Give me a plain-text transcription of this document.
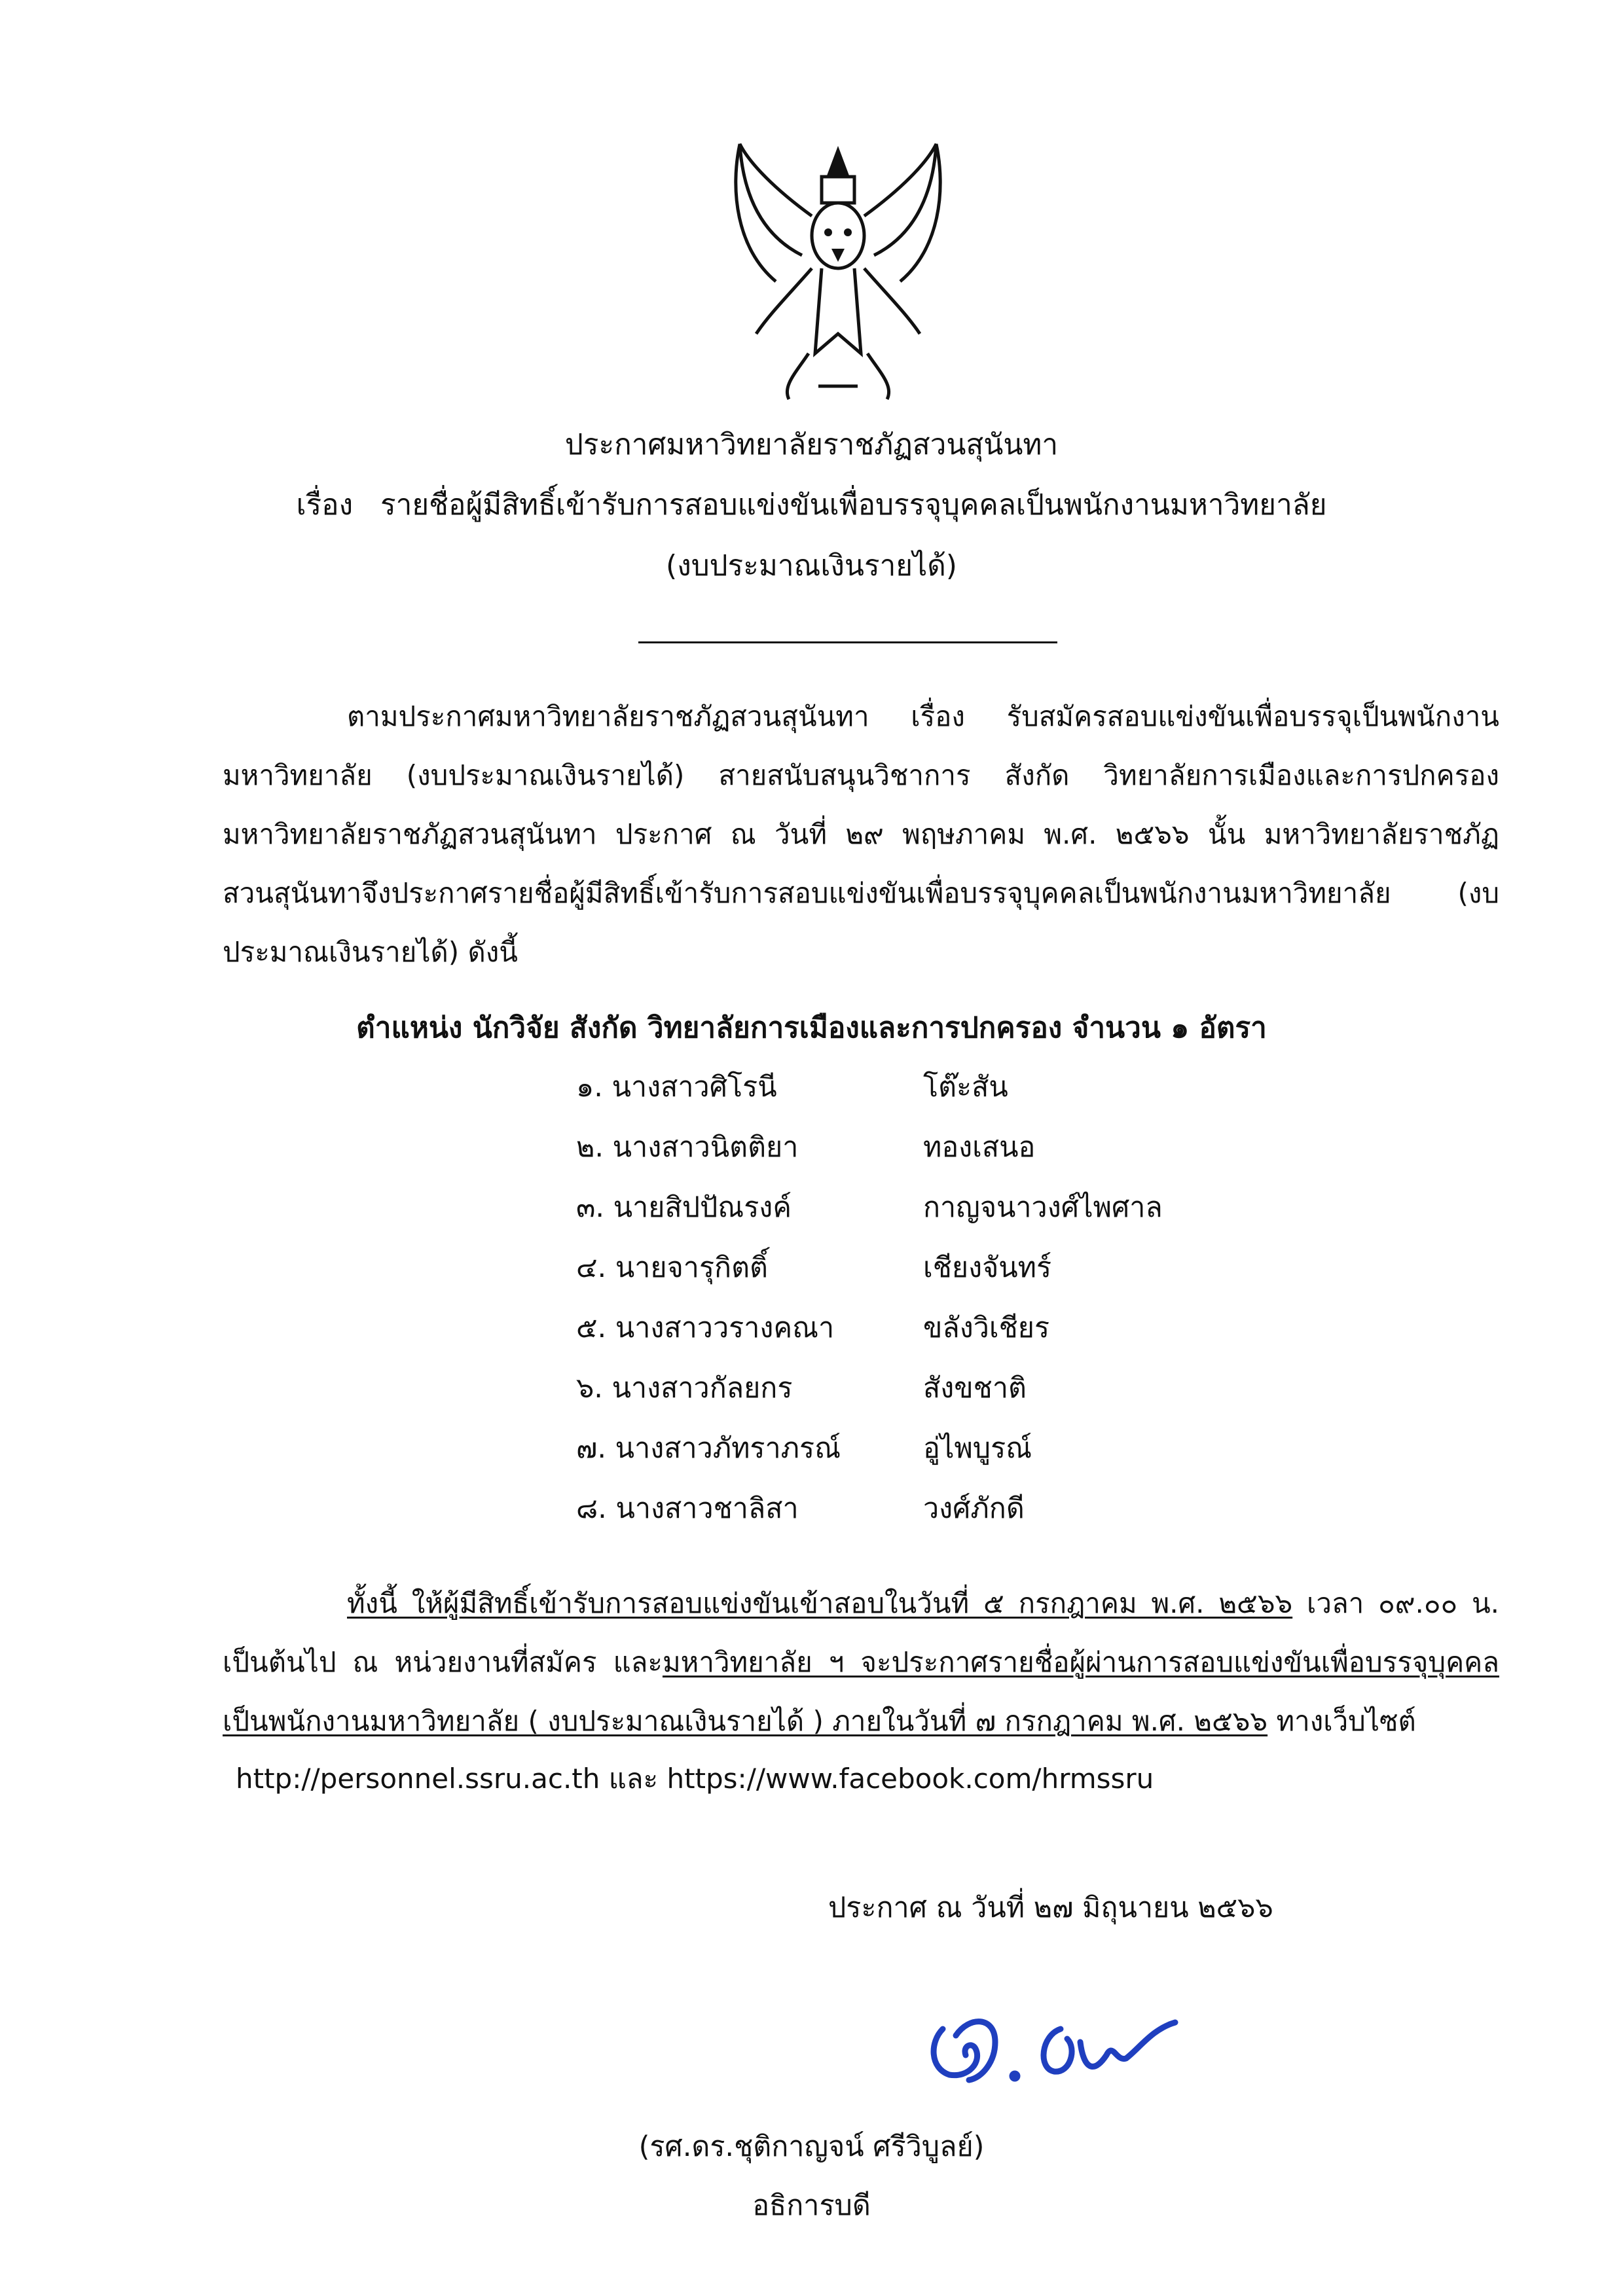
ประกาศมหาวิทยาลัยราชภัฏสวนสุนันทา
เรื่อง รายชื่อผู้มีสิทธิ์เข้ารับการสอบแข่งขันเพื่อบรรจุบุคคลเป็นพนักงานมหาวิทยาลัย
(งบประมาณเงินรายได้)
ตามประกาศมหาวิทยาลัยราชภัฏสวนสุนันทา เรื่อง รับสมัครสอบแข่งขันเพื่อบรรจุเป็นพนักงานมหาวิทยาลัย (งบประมาณเงินรายได้) สายสนับสนุนวิชาการ สังกัด วิทยาลัยการเมืองและการปกครอง มหาวิทยาลัยราชภัฏสวนสุนันทา ประกาศ ณ วันที่ ๒๙ พฤษภาคม พ.ศ. ๒๕๖๖ นั้น มหาวิทยาลัยราชภัฏสวนสุนันทาจึงประกาศรายชื่อผู้มีสิทธิ์เข้ารับการสอบแข่งขันเพื่อบรรจุบุคคลเป็นพนักงานมหาวิทยาลัย (งบประมาณเงินรายได้) ดังนี้
ตำแหน่ง นักวิจัย สังกัด วิทยาลัยการเมืองและการปกครอง จำนวน ๑ อัตรา
๑. นางสาวศิโรนี	โต๊ะสัน
๒. นางสาวนิตติยา	ทองเสนอ
๓. นายสิปปัณรงค์	กาญจนาวงศ์ไพศาล
๔. นายจารุกิตติ์	เชียงจันทร์
๕. นางสาววรางคณา	ขลังวิเชียร
๖. นางสาวกัลยกร	สังขชาติ
๗. นางสาวภัทราภรณ์	อู่ไพบูรณ์
๘. นางสาวชาลิสา	วงศ์ภักดี
ทั้งนี้ ให้ผู้มีสิทธิ์เข้ารับการสอบแข่งขันเข้าสอบในวันที่ ๕ กรกฎาคม พ.ศ. ๒๕๖๖ เวลา ๐๙.๐๐ น. เป็นต้นไป ณ หน่วยงานที่สมัคร และมหาวิทยาลัย ฯ จะประกาศรายชื่อผู้ผ่านการสอบแข่งขันเพื่อบรรจุบุคคลเป็นพนักงานมหาวิทยาลัย ( งบประมาณเงินรายได้ ) ภายในวันที่ ๗ กรกฎาคม พ.ศ. ๒๕๖๖ ทางเว็บไซต์
http://personnel.ssru.ac.th และ https://www.facebook.com/hrmssru
ประกาศ ณ วันที่ ๒๗ มิถุนายน ๒๕๖๖
(รศ.ดร.ชุติกาญจน์ ศรีวิบูลย์)
อธิการบดี
